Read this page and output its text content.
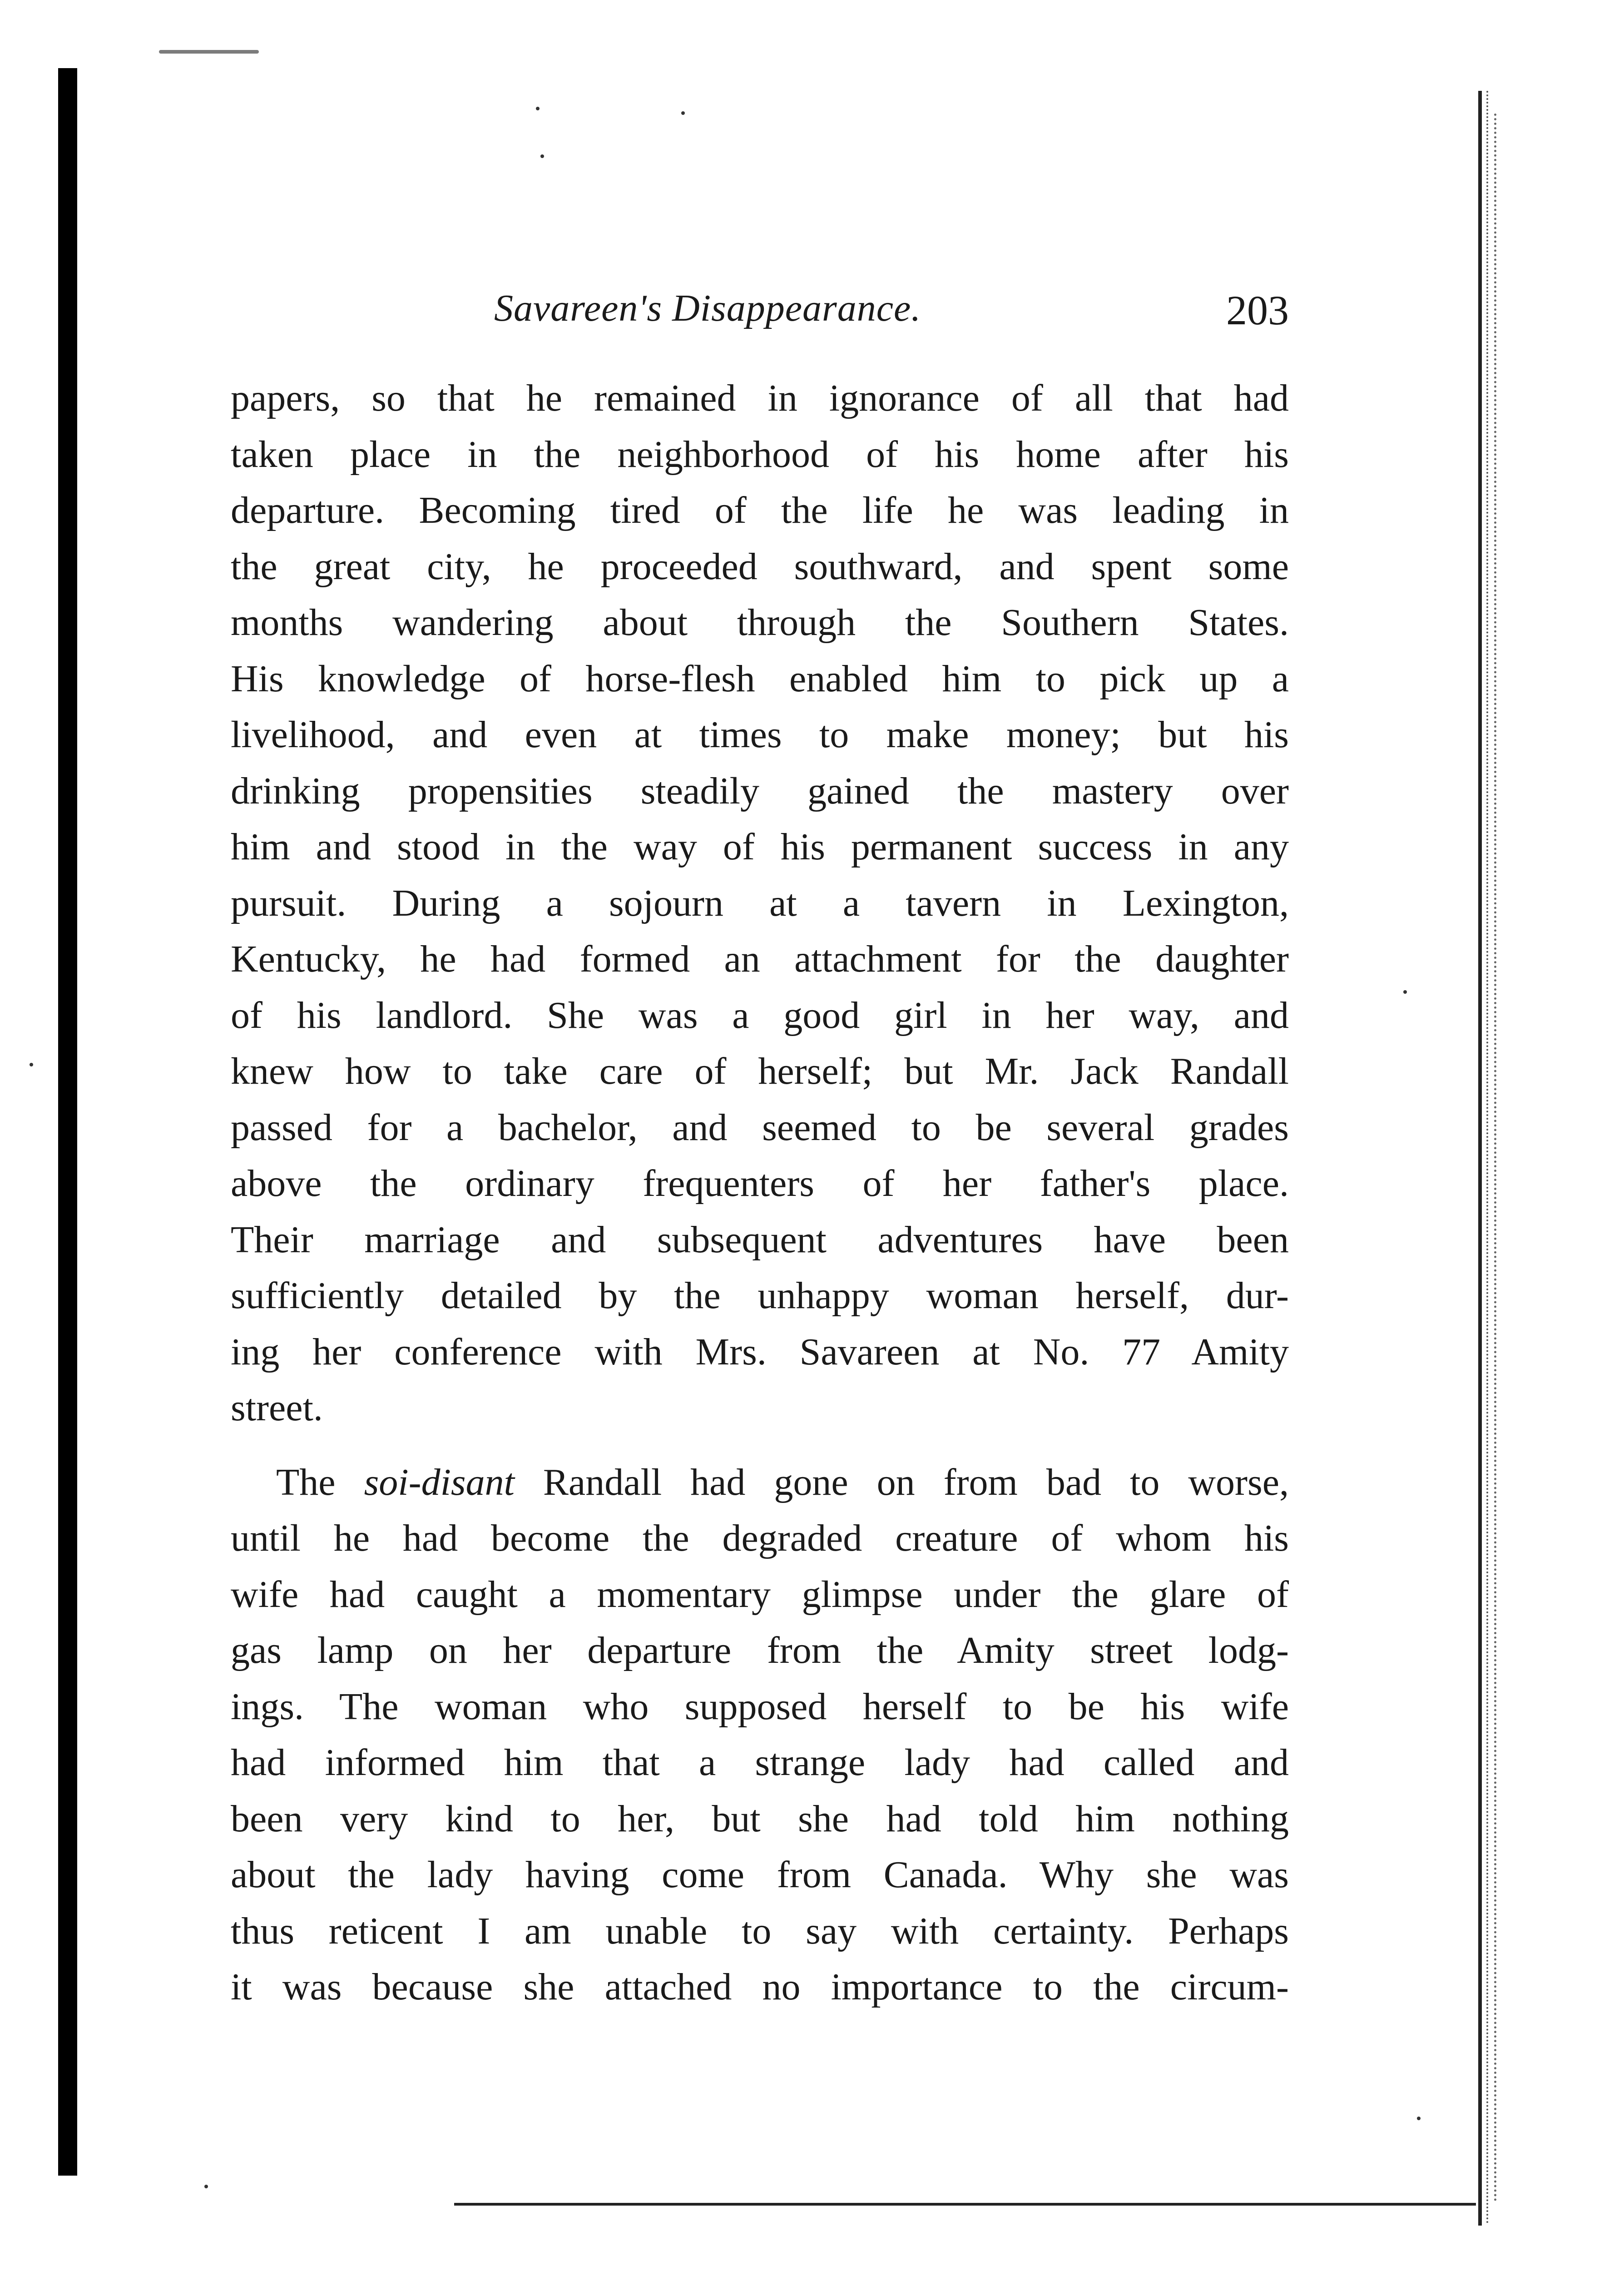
Savareen's Disappearance.	203
papers, so that he remained in ignorance of all that had
taken place in the neighborhood of his home after his
departure. Becoming tired of the life he was leading in
the great city, he proceeded southward, and spent some
months wandering about through the Southern States.
His knowledge of horse-flesh enabled him to pick up a
livelihood, and even at times to make money; but his
drinking propensities steadily gained the mastery over
him and stood in the way of his permanent success in any
pursuit. During a sojourn at a tavern in Lexington,
Kentucky, he had formed an attachment for the daughter
of his landlord. She was a good girl in her way, and
knew how to take care of herself; but Mr. Jack Randall
passed for a bachelor, and seemed to be several grades
above the ordinary frequenters of her father's place.
Their marriage and subsequent adventures have been
sufficiently detailed by the unhappy woman herself, dur-
ing her conference with Mrs. Savareen at No. 77 Amity
street.
The soi-disant Randall had gone on from bad to worse,
until he had become the degraded creature of whom his
wife had caught a momentary glimpse under the glare of
gas lamp on her departure from the Amity street lodg-
ings. The woman who supposed herself to be his wife
had informed him that a strange lady had called and
been very kind to her, but she had told him nothing
about the lady having come from Canada. Why she was
thus reticent I am unable to say with certainty. Perhaps
it was because she attached no importance to the circum-
